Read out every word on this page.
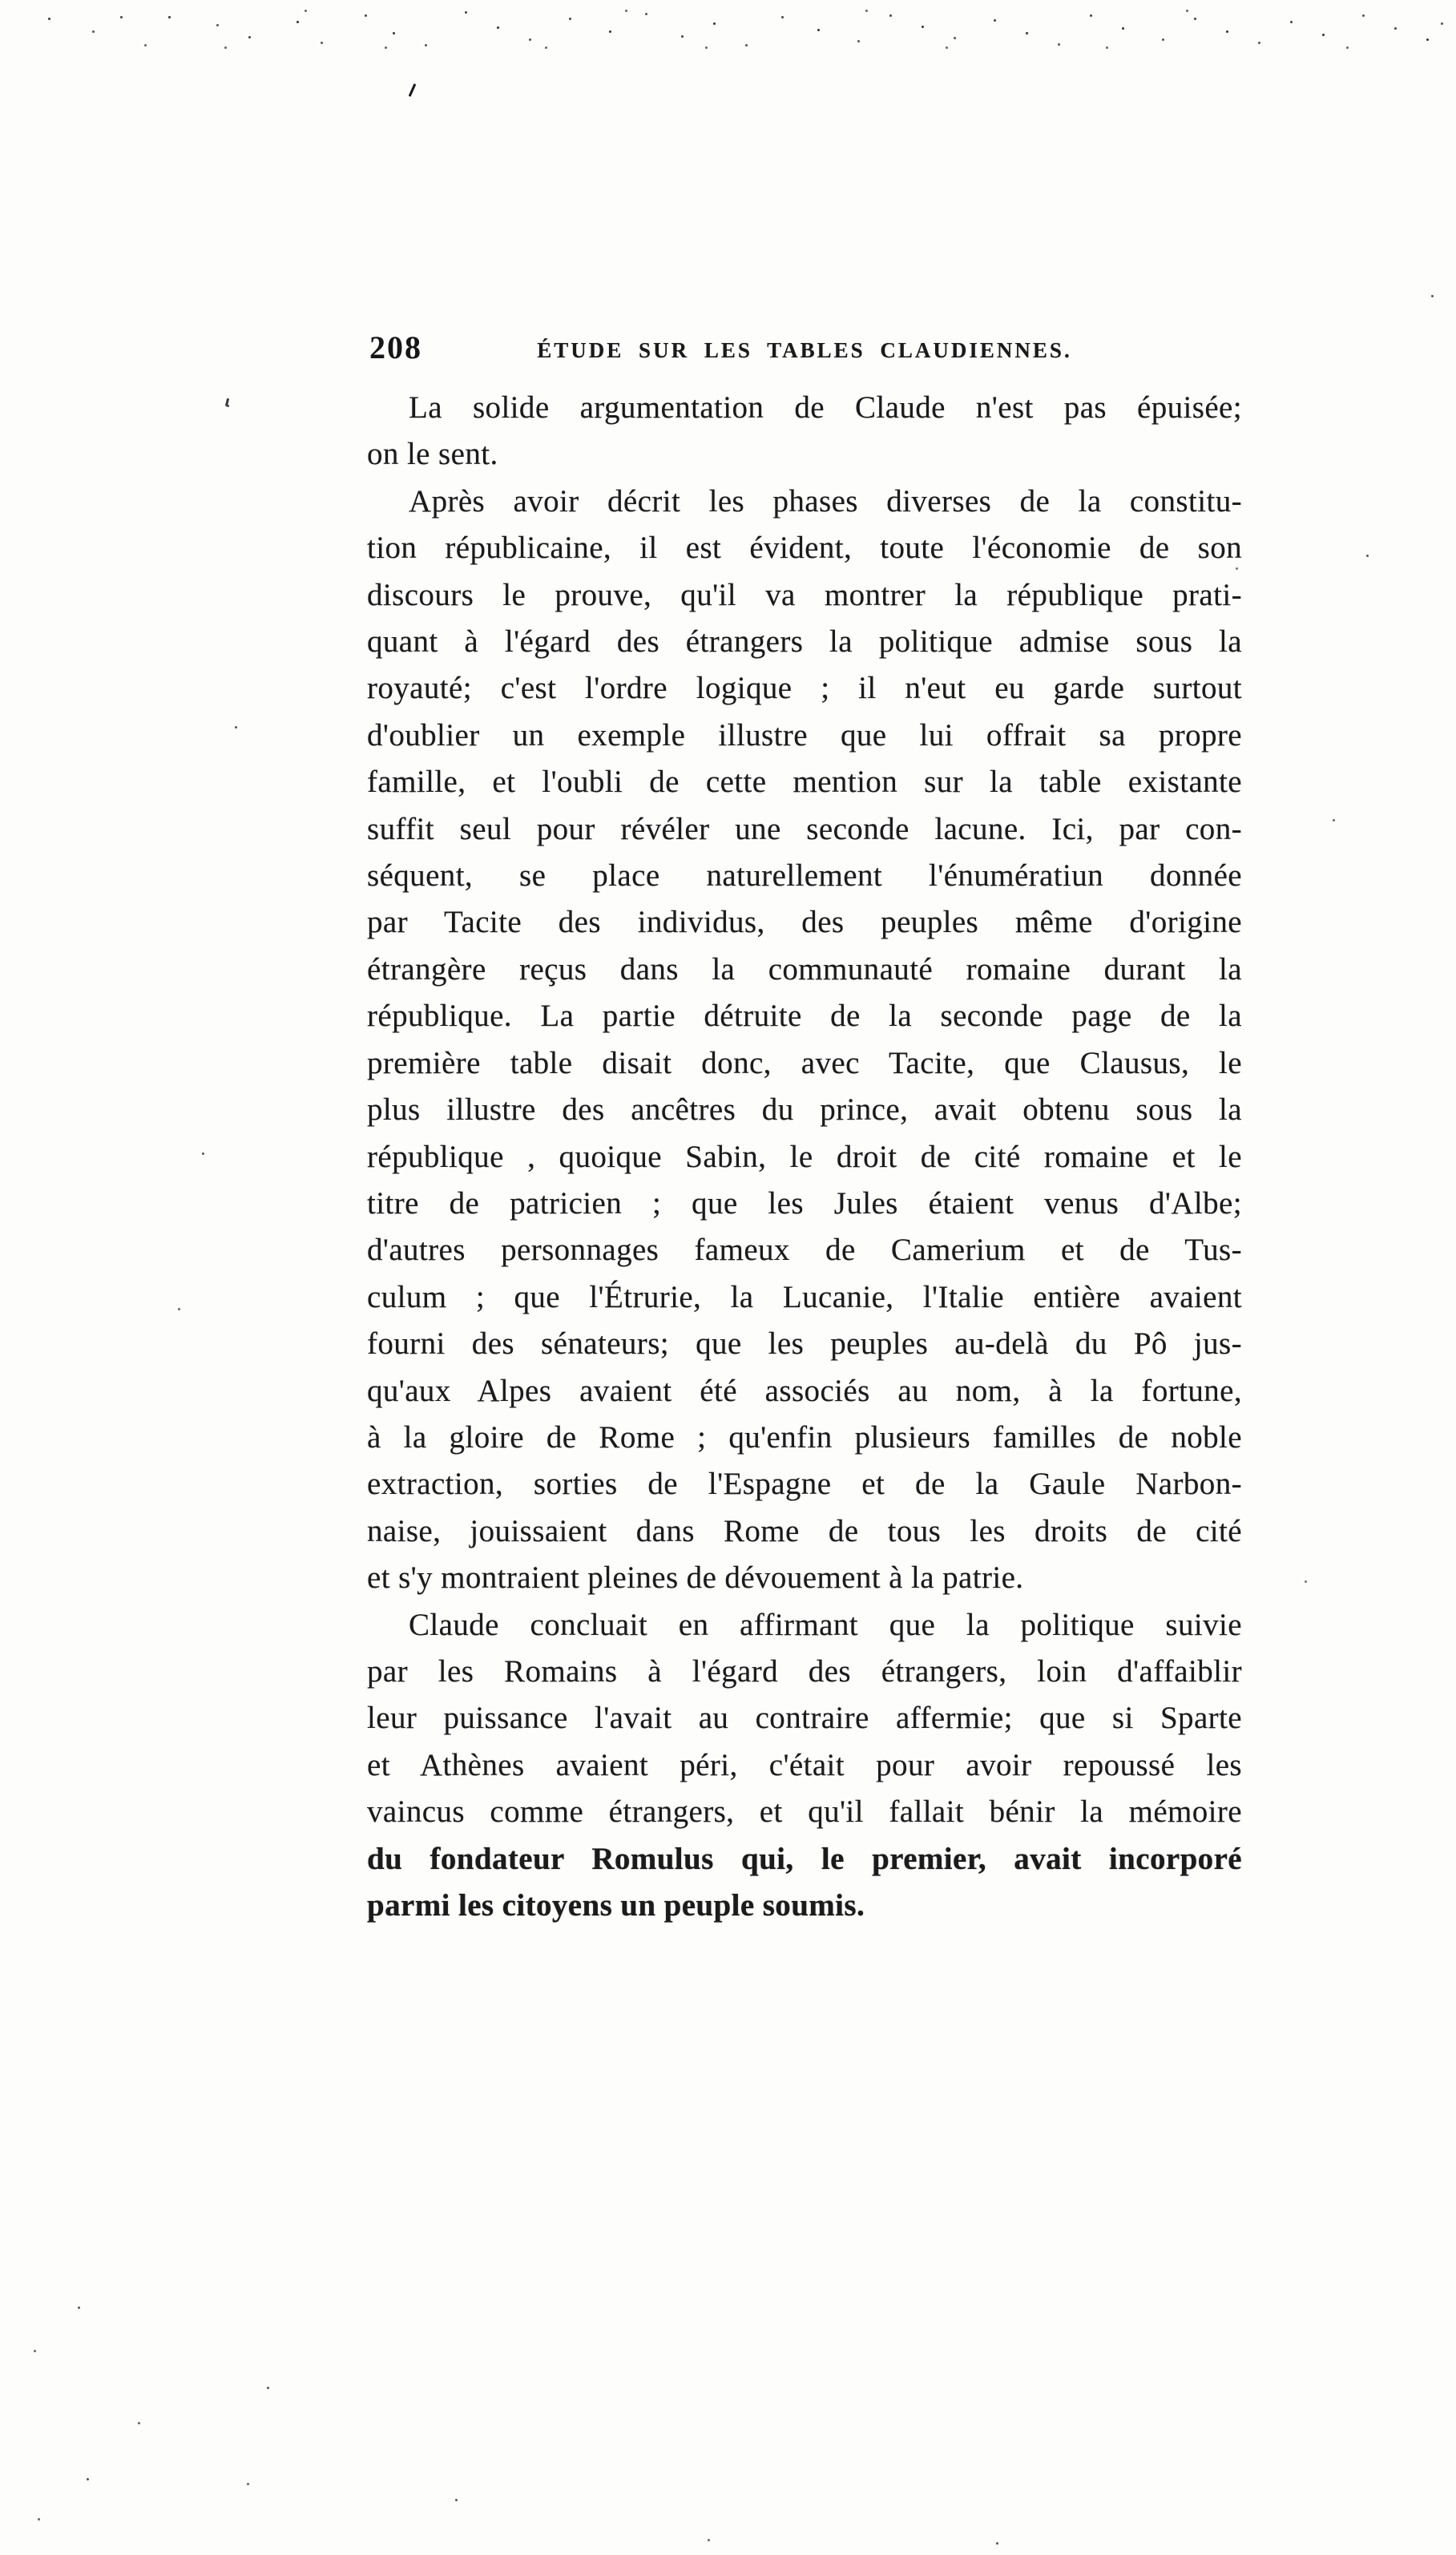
208	ÉTUDE SUR LES TABLES CLAUDIENNES.
La solide argumentation de Claude n'est pas épuisée;
on le sent.
Après avoir décrit les phases diverses de la constitu-
tion républicaine, il est évident, toute l'économie de son
discours le prouve, qu'il va montrer la république prati-
quant à l'égard des étrangers la politique admise sous la
royauté; c'est l'ordre logique ; il n'eut eu garde surtout
d'oublier un exemple illustre que lui offrait sa propre
famille, et l'oubli de cette mention sur la table existante
suffit seul pour révéler une seconde lacune. Ici, par con-
séquent, se place naturellement l'énumératiun donnée
par Tacite des individus, des peuples même d'origine
étrangère reçus dans la communauté romaine durant la
république. La partie détruite de la seconde page de la
première table disait donc, avec Tacite, que Clausus, le
plus illustre des ancêtres du prince, avait obtenu sous la
république , quoique Sabin, le droit de cité romaine et le
titre de patricien ; que les Jules étaient venus d'Albe;
d'autres personnages fameux de Camerium et de Tus-
culum ; que l'Étrurie, la Lucanie, l'Italie entière avaient
fourni des sénateurs; que les peuples au-delà du Pô jus-
qu'aux Alpes avaient été associés au nom, à la fortune,
à la gloire de Rome ; qu'enfin plusieurs familles de noble
extraction, sorties de l'Espagne et de la Gaule Narbon-
naise, jouissaient dans Rome de tous les droits de cité
et s'y montraient pleines de dévouement à la patrie.
Claude concluait en affirmant que la politique suivie
par les Romains à l'égard des étrangers, loin d'affaiblir
leur puissance l'avait au contraire affermie; que si Sparte
et Athènes avaient péri, c'était pour avoir repoussé les
vaincus comme étrangers, et qu'il fallait bénir la mémoire
du fondateur Romulus qui, le premier, avait incorporé
parmi les citoyens un peuple soumis.
